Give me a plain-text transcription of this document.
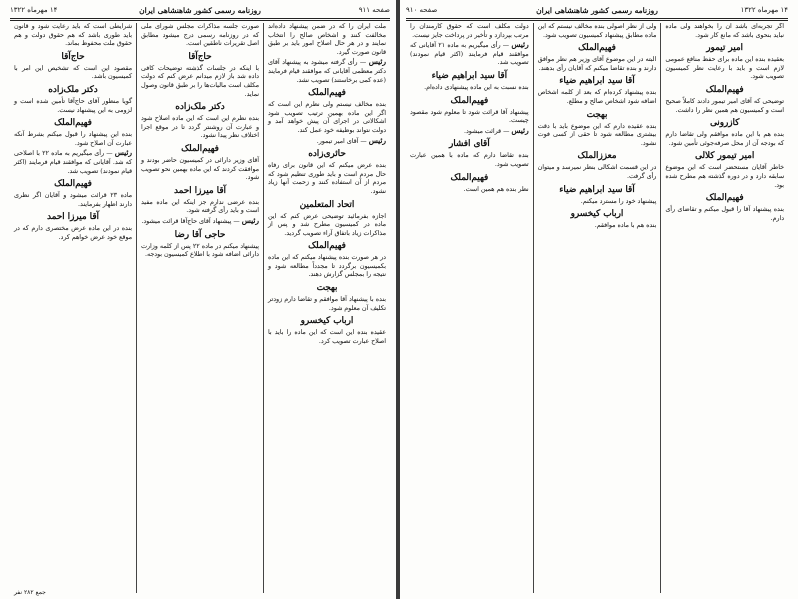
روزنامه رسمی کشور شاهنشاهی ایران	صفحه ۹۱۱
۱۴ مهرماه ۱۳۲۲

ملت ایران را که در ضمن پیشنهاد داده‌اند مخالفت کنند و اشخاص صالح را انتخاب نمایند و در هر حال اصلاح امور باید بر طبق قانون صورت گیرد.

رئیس — رأی گرفته میشود به پیشنهاد آقای دکتر معظمی آقایانی که موافقند قیام فرمایند (عده کمی برخاستند) تصویب نشد.

فهیم‌الملک

بنده مخالف نیستم ولی نظرم این است که اگر این ماده بهمین ترتیب تصویب شود اشکالاتی در اجرای آن پیش خواهد آمد و دولت نتواند بوظیفه خود عمل کند.

رئیس — آقای امیر تیمور.

حائری‌زاده

بنده عرض میکنم که این قانون برای رفاه حال مردم است و باید طوری تنظیم شود که مردم از آن استفاده کنند و زحمت آنها زیاد نشود.

اتحاد المتعلمین

اجازه بفرمائید توضیحی عرض کنم که این ماده در کمیسیون مطرح شد و پس از مذاکرات زیاد باتفاق آراء تصویب گردید.

فهیم‌الملک

در هر صورت بنده پیشنهاد میکنم که این ماده بکمیسیون برگردد تا مجدداً مطالعه شود و نتیجه را بمجلس گزارش دهند.

بهجت

بنده با پیشنهاد آقا موافقم و تقاضا دارم زودتر تکلیف آن معلوم شود.

ارباب کیخسرو

عقیده بنده این است که این ماده را باید با اصلاح عبارت تصویب کرد.

صورت جلسه مذاکرات مجلس شورای ملی که در روزنامه رسمی درج میشود مطابق اصل تقریرات ناطقین است.

حاج‌آقا

با اینکه در جلسات گذشته توضیحات کافی داده شد باز لازم میدانم عرض کنم که دولت مکلف است مالیات‌ها را بر طبق قانون وصول نماید.

دکتر ملک‌زاده

بنده نظرم این است که این ماده اصلاح شود و عبارت آن روشنتر گردد تا در موقع اجرا اختلاف نظر پیدا نشود.

فهیم‌الملک

آقای وزیر دارائی در کمیسیون حاضر بودند و موافقت کردند که این ماده بهمین نحو تصویب شود.

آقا میرزا احمد

بنده عرضی ندارم جز اینکه این ماده مفید است و باید رأی گرفته شود.

رئیس — پیشنهاد آقای حاج‌آقا قرائت میشود.

حاجی آقا رضا

پیشنهاد میکنم در ماده ۲۲ پس از کلمه وزارت دارائی اضافه شود با اطلاع کمیسیون بودجه.

شرایطی است که باید رعایت شود و قانون باید طوری باشد که هم حقوق دولت و هم حقوق ملت محفوظ بماند.

حاج‌آقا

مقصود این است که تشخیص این امر با کمیسیون باشد.

دکتر ملک‌زاده

گویا منظور آقای حاج‌آقا تأمین شده است و لزومی به این پیشنهاد نیست.

فهیم‌الملک

بنده این پیشنهاد را قبول میکنم بشرط آنکه عبارت آن اصلاح شود.

رئیس — رأی میگیریم به ماده ۲۲ با اصلاحی که شد. آقایانی که موافقند قیام فرمایند (اکثر قیام نمودند) تصویب شد.

فهیم‌الملک

ماده ۲۳ قرائت میشود و آقایان اگر نظری دارند اظهار بفرمایند.

آقا میرزا احمد

بنده در این ماده عرض مختصری دارم که در موقع خود عرض خواهم کرد.

جمع ۲۸۲ نفر
روزنامه رسمی کشور شاهنشاهی ایران	۱۴ مهرماه ۱۳۲۲
صفحه ۹۱۰

اگر تجربه‌ای باشد آن را بخواهند ولی ماده نباید بنحوی باشد که مانع کار شود.

امیر تیمور

بعقیده بنده این ماده برای حفظ منافع عمومی لازم است و باید با رعایت نظر کمیسیون تصویب شود.

فهیم‌الملک

توضیحی که آقای امیر تیمور دادند کاملاً صحیح است و کمیسیون هم همین نظر را داشت.

کازرونی

بنده هم با این ماده موافقم ولی تقاضا دارم که بودجه آن از محل صرفه‌جوئی تأمین شود.

امیر تیمور کلالی

خاطر آقایان مستحضر است که این موضوع سابقه دارد و در دوره گذشته هم مطرح شده بود.

فهیم‌الملک

بنده پیشنهاد آقا را قبول میکنم و تقاضای رأی دارم.

ولی از نظر اصولی بنده مخالف نیستم که این ماده مطابق پیشنهاد کمیسیون تصویب شود.

فهیم‌الملک

البته در این موضوع آقای وزیر هم نظر موافق دارند و بنده تقاضا میکنم که آقایان رأی بدهند.

آقا سید ابراهیم ضیاء

بنده پیشنهاد کرده‌ام که بعد از کلمه اشخاص اضافه شود اشخاص صالح و مطلع.

بهجت

بنده عقیده دارم که این موضوع باید با دقت بیشتری مطالعه شود تا حقی از کسی فوت نشود.

معزز‌الملک

در این قسمت اشکالی بنظر نمیرسد و میتوان رأی گرفت.

آقا سید ابراهیم ضیاء

پیشنهاد خود را مسترد میکنم.

ارباب کیخسرو

بنده هم با ماده موافقم.

دولت مکلف است که حقوق کارمندان را مرتب بپردازد و تأخیر در پرداخت جایز نیست.

رئیس — رأی میگیریم به ماده ۲۱ آقایانی که موافقند قیام فرمایند (اکثر قیام نمودند) تصویب شد.

آقا سید ابراهیم ضیاء

بنده نسبت به این ماده پیشنهادی داده‌ام.

فهیم‌الملک

پیشنهاد آقا قرائت شود تا معلوم شود مقصود چیست.

رئیس — قرائت میشود.

آقای افشار

بنده تقاضا دارم که ماده با همین عبارت تصویب شود.

فهیم‌الملک

نظر بنده هم همین است.
